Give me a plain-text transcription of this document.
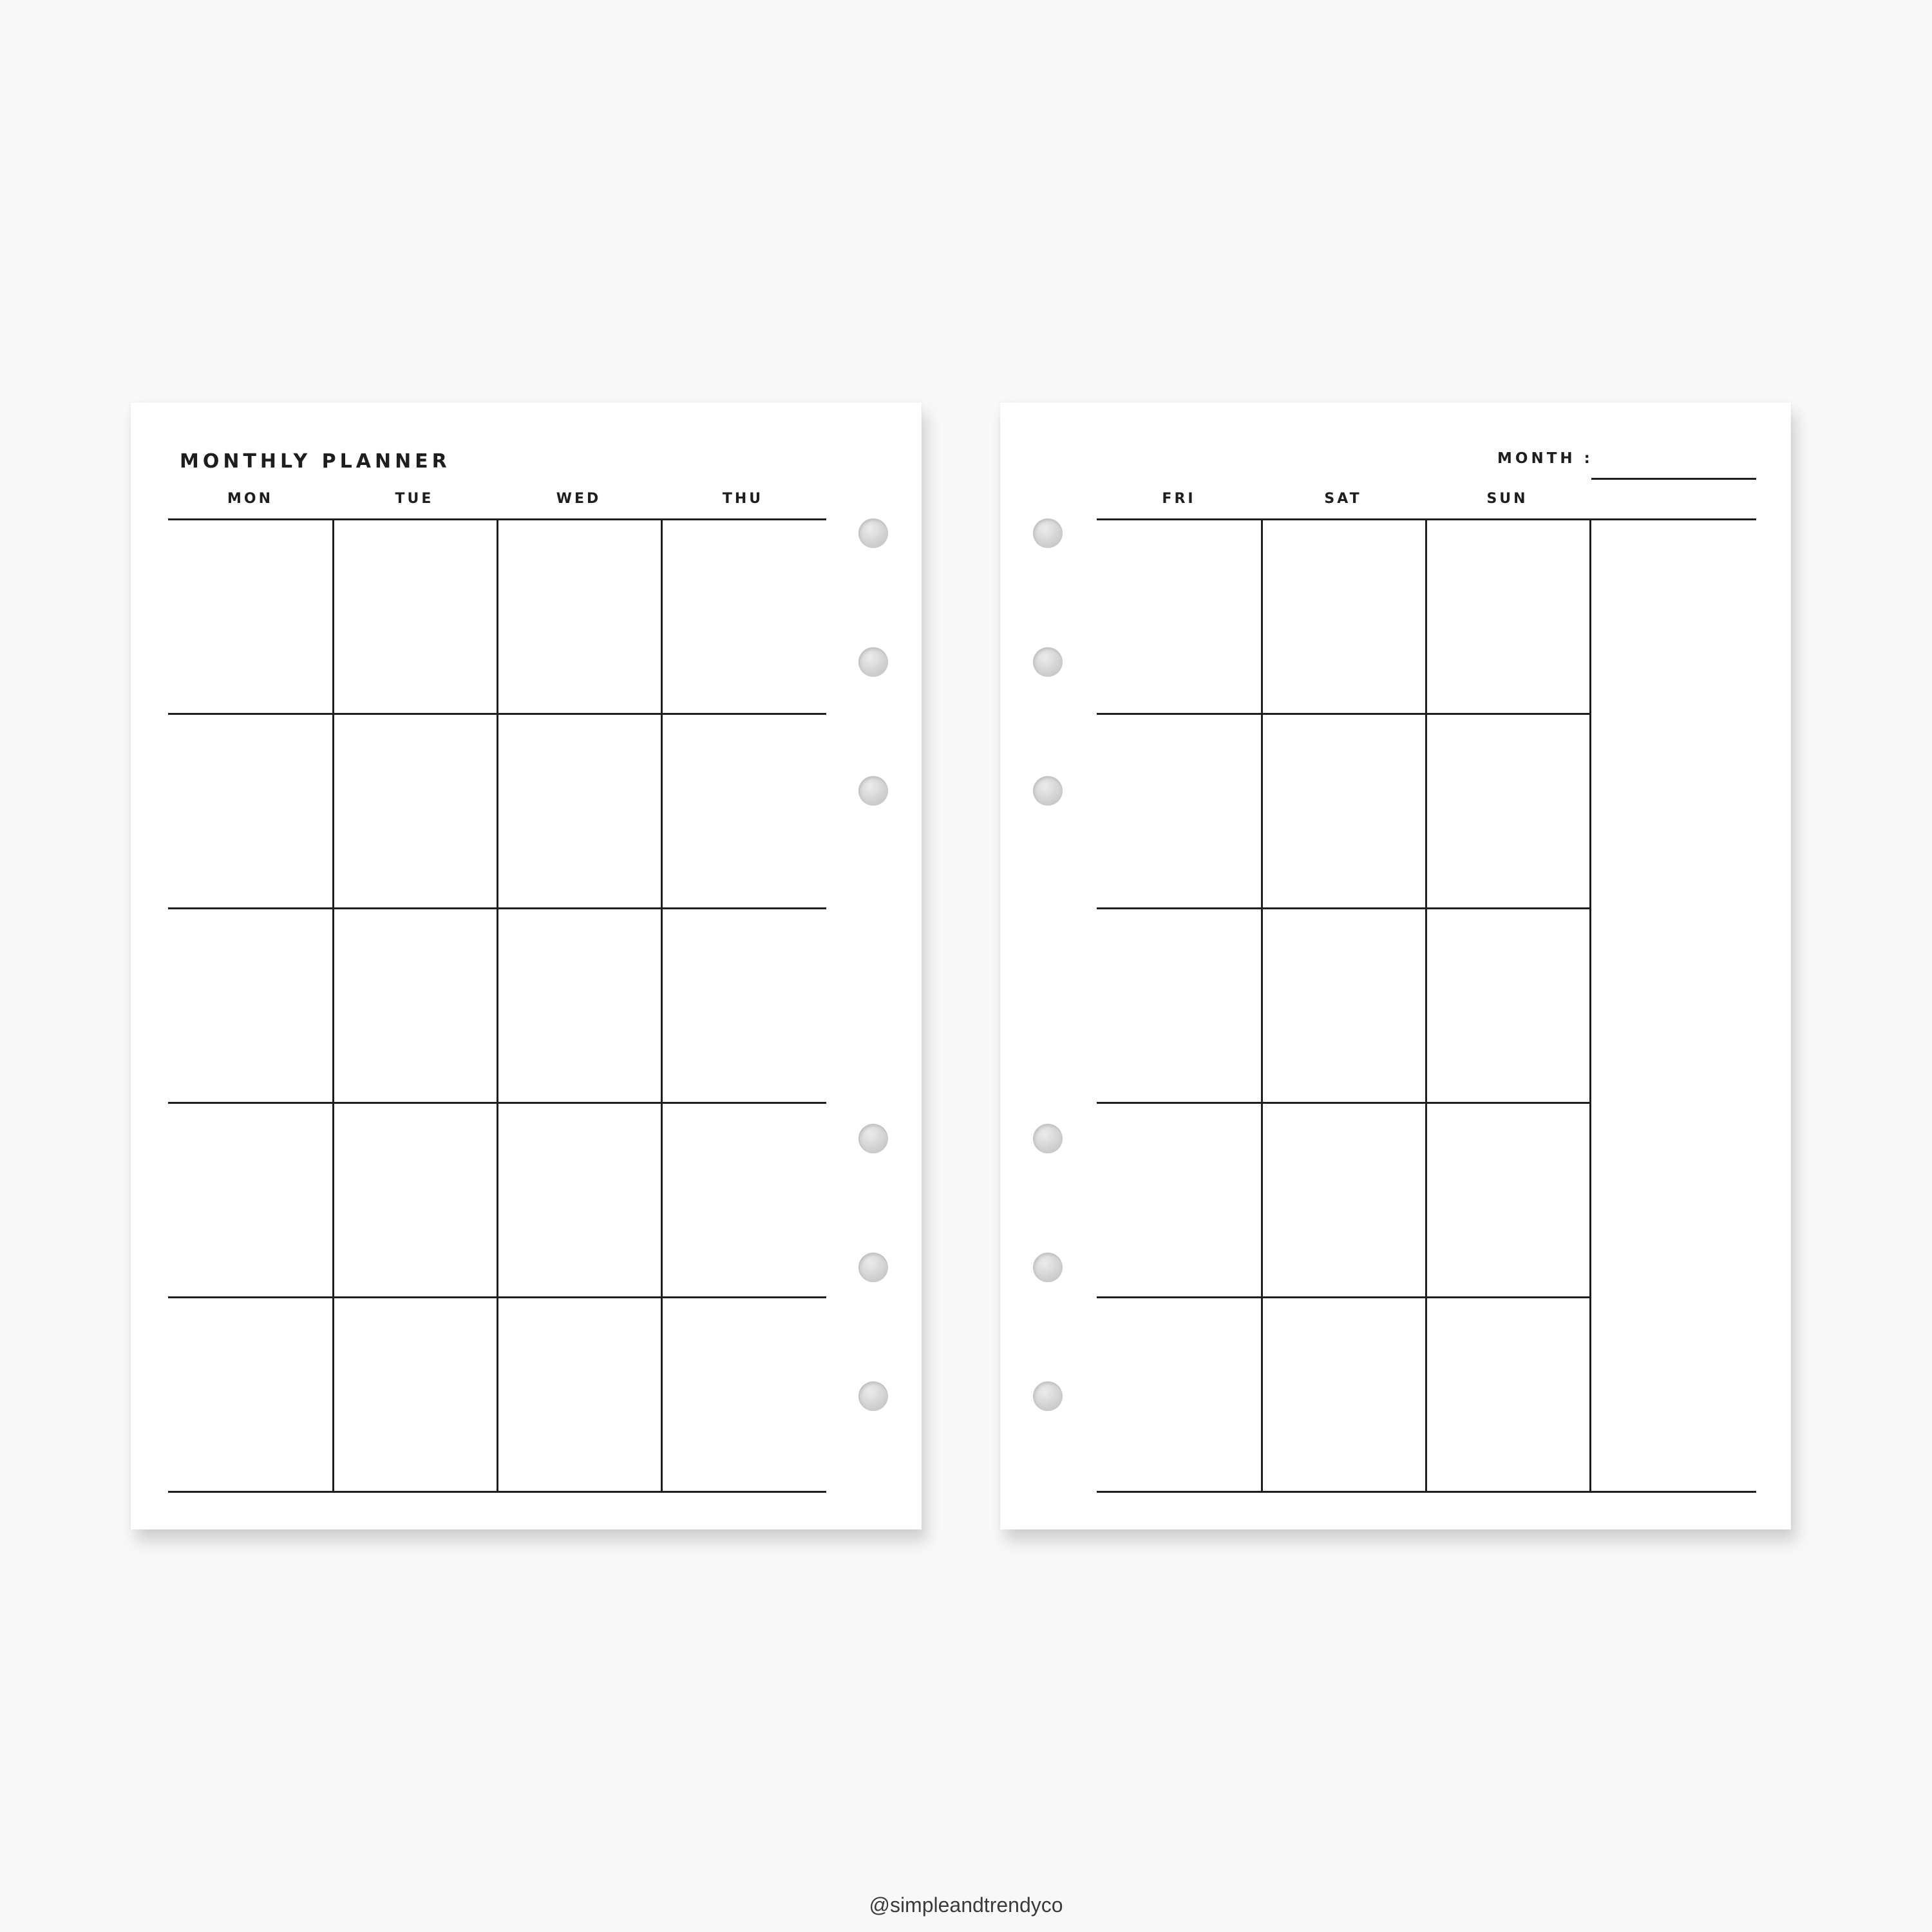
MONTHLY PLANNER
MON	TUE	WED	THU
MONTH :
FRI	SAT	SUN
@simpleandtrendyco
